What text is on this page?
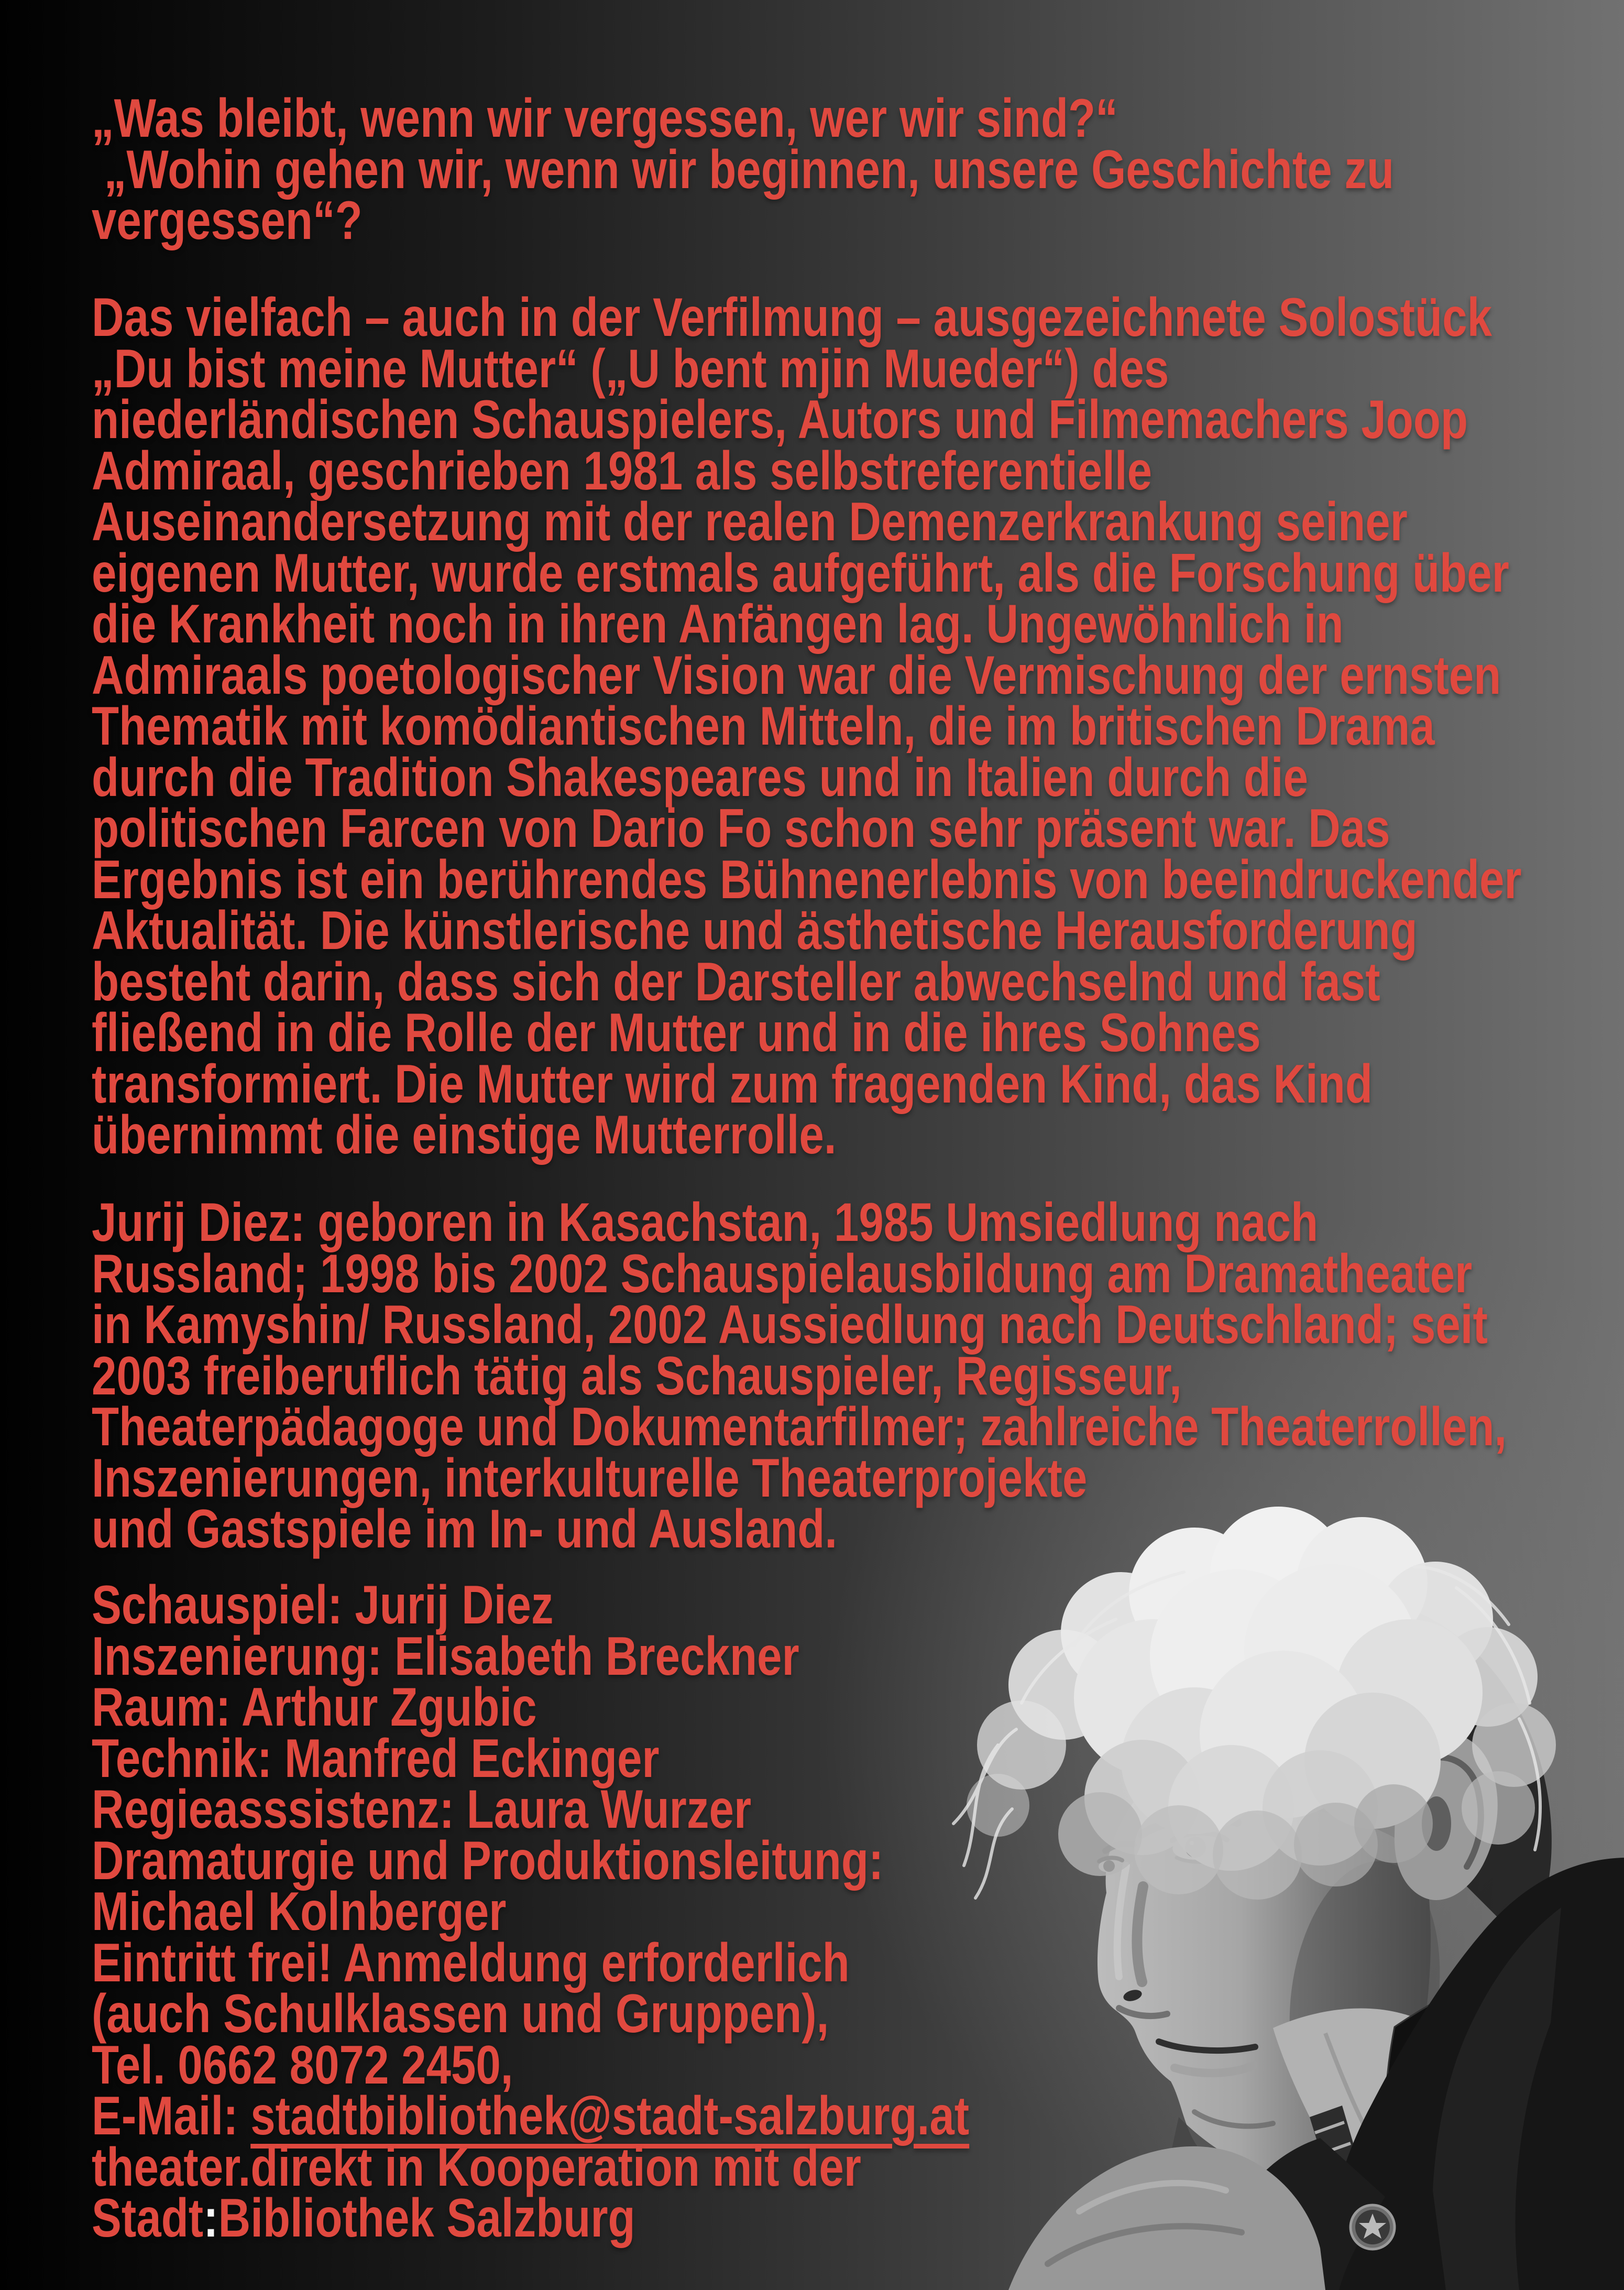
„Was bleibt, wenn wir vergessen, wer wir sind?“
„Wohin gehen wir, wenn wir beginnen, unsere Geschichte zu
vergessen“?
Das vielfach – auch in der Verfilmung – ausgezeichnete Solostück
„Du bist meine Mutter“ („U bent mjin Mueder“) des
niederländischen Schauspielers, Autors und Filmemachers Joop
Admiraal, geschrieben 1981 als selbstreferentielle
Auseinandersetzung mit der realen Demenzerkrankung seiner
eigenen Mutter, wurde erstmals aufgeführt, als die Forschung über
die Krankheit noch in ihren Anfängen lag. Ungewöhnlich in
Admiraals poetologischer Vision war die Vermischung der ernsten
Thematik mit komödiantischen Mitteln, die im britischen Drama
durch die Tradition Shakespeares und in Italien durch die
politischen Farcen von Dario Fo schon sehr präsent war. Das
Ergebnis ist ein berührendes Bühnenerlebnis von beeindruckender
Aktualität. Die künstlerische und ästhetische Herausforderung
besteht darin, dass sich der Darsteller abwechselnd und fast
fließend in die Rolle der Mutter und in die ihres Sohnes
transformiert. Die Mutter wird zum fragenden Kind, das Kind
übernimmt die einstige Mutterrolle.
Jurij Diez: geboren in Kasachstan, 1985 Umsiedlung nach
Russland; 1998 bis 2002 Schauspielausbildung am Dramatheater
in Kamyshin/ Russland, 2002 Aussiedlung nach Deutschland; seit
2003 freiberuflich tätig als Schauspieler, Regisseur,
Theaterpädagoge und Dokumentarfilmer; zahlreiche Theaterrollen,
Inszenierungen, interkulturelle Theaterprojekte
und Gastspiele im In- und Ausland.
Schauspiel: Jurij Diez
Inszenierung: Elisabeth Breckner
Raum: Arthur Zgubic
Technik: Manfred Eckinger
Regieasssistenz: Laura Wurzer
Dramaturgie und Produktionsleitung:
Michael Kolnberger
Eintritt frei! Anmeldung erforderlich
(auch Schulklassen und Gruppen),
Tel. 0662 8072 2450,
E-Mail: stadtbibliothek@stadt-salzburg.at
theater.direkt in Kooperation mit der
Stadt:Bibliothek Salzburg
